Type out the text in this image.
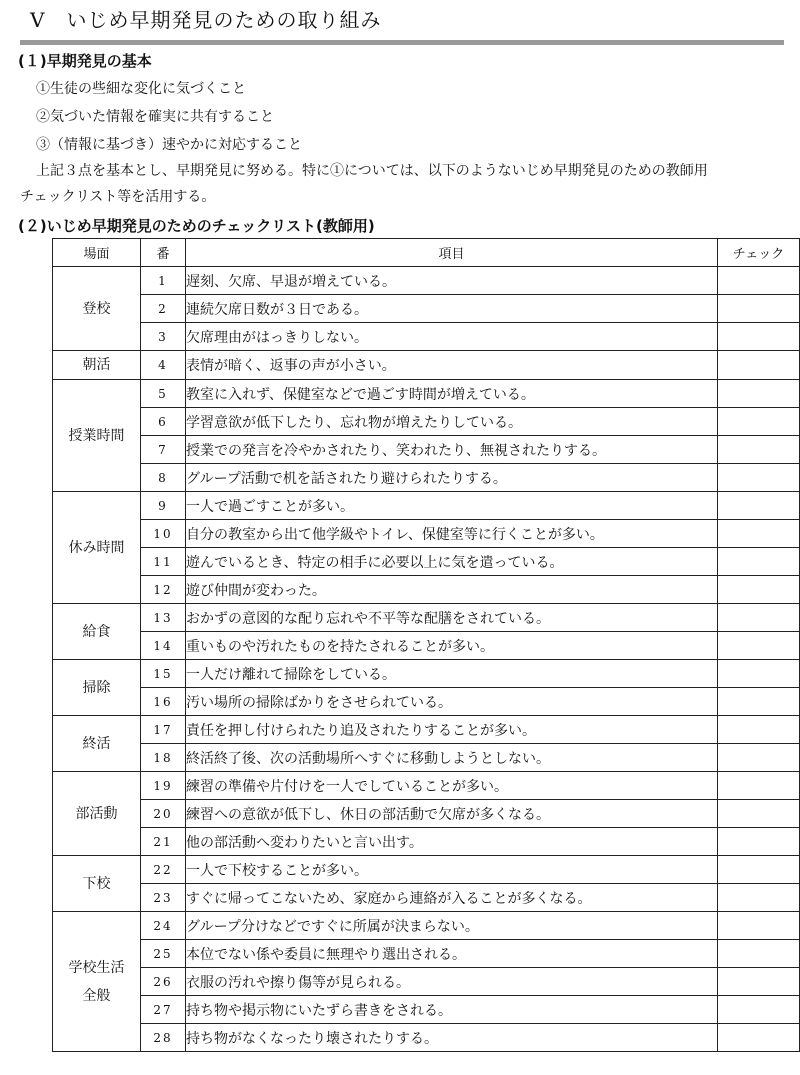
Ⅴ　いじめ早期発見のための取り組み
(１)早期発見の基本
①生徒の些細な変化に気づくこと
②気づいた情報を確実に共有すること
③（情報に基づき）速やかに対応すること
上記３点を基本とし、早期発見に努める。特に①については、以下のようないじめ早期発見のための教師用
チェックリスト等を活用する。
(２)いじめ早期発見のためのチェックリスト(教師用)
場面	番	項目	チェック

登校	1	遅刻、欠席、早退が増えている。	
	2	連続欠席日数が３日である。	
	3	欠席理由がはっきりしない。	

朝活	4	表情が暗く、返事の声が小さい。	

授業時間	5	教室に入れず、保健室などで過ごす時間が増えている。	
	6	学習意欲が低下したり、忘れ物が増えたりしている。	
	7	授業での発言を冷やかされたり、笑われたり、無視されたりする。	
	8	グループ活動で机を話されたり避けられたりする。	

休み時間	9	一人で過ごすことが多い。	
	10	自分の教室から出て他学級やトイレ、保健室等に行くことが多い。	
	11	遊んでいるとき、特定の相手に必要以上に気を遣っている。	
	12	遊び仲間が変わった。	

給食	13	おかずの意図的な配り忘れや不平等な配膳をされている。	
	14	重いものや汚れたものを持たされることが多い。	

掃除	15	一人だけ離れて掃除をしている。	
	16	汚い場所の掃除ばかりをさせられている。	

終活	17	責任を押し付けられたり追及されたりすることが多い。	
	18	終活終了後、次の活動場所へすぐに移動しようとしない。	

部活動	19	練習の準備や片付けを一人でしていることが多い。	
	20	練習への意欲が低下し、休日の部活動で欠席が多くなる。	
	21	他の部活動へ変わりたいと言い出す。	

下校	22	一人で下校することが多い。	
	23	すぐに帰ってこないため、家庭から連絡が入ることが多くなる。	

学校生活
全般	24	グループ分けなどですぐに所属が決まらない。	
	25	本位でない係や委員に無理やり選出される。	
	26	衣服の汚れや擦り傷等が見られる。	
	27	持ち物や掲示物にいたずら書きをされる。	
	28	持ち物がなくなったり壊されたりする。	
